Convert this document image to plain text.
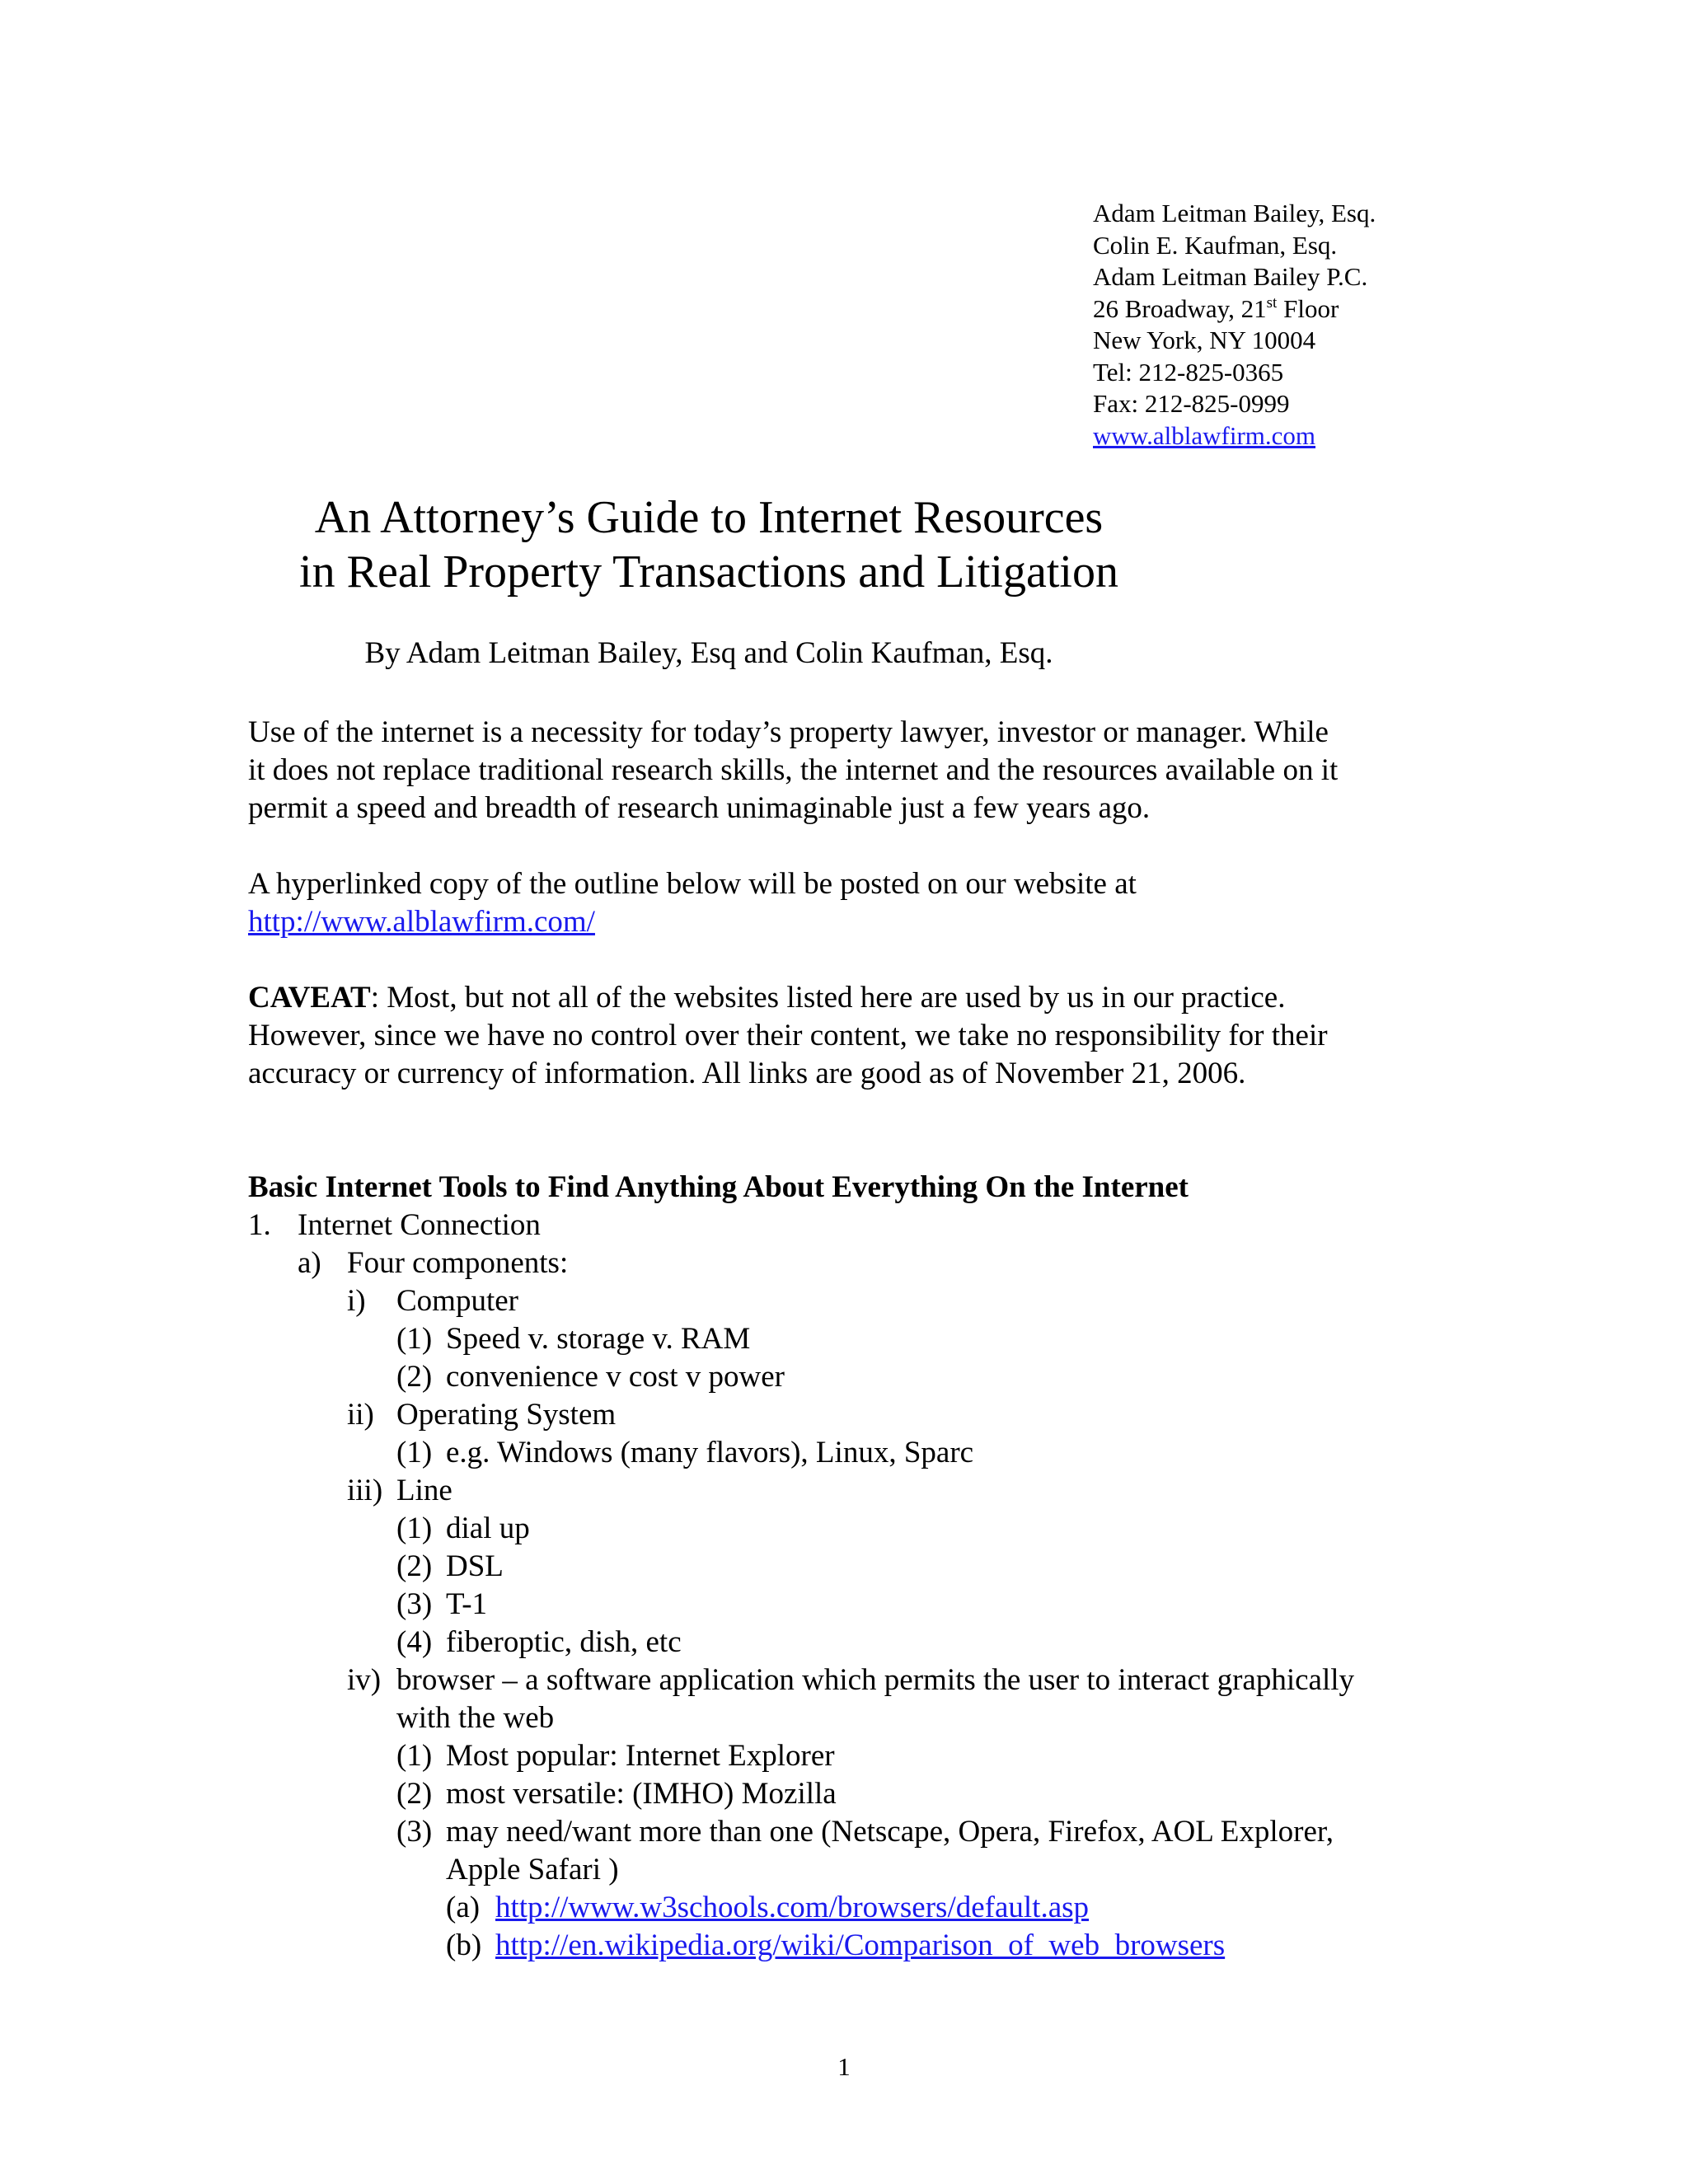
Adam Leitman Bailey, Esq.
Colin E. Kaufman, Esq.
Adam Leitman Bailey P.C.
26 Broadway, 21st Floor
New York, NY 10004
Tel: 212-825-0365
Fax: 212-825-0999
www.alblawfirm.com
An Attorney’s Guide to Internet Resources
in Real Property Transactions and Litigation
By Adam Leitman Bailey, Esq and Colin Kaufman, Esq.
Use of the internet is a necessity for today’s property lawyer, investor or manager. While
it does not replace traditional research skills, the internet and the resources available on it
permit a speed and breadth of research unimaginable just a few years ago.
A hyperlinked copy of the outline below will be posted on our website at
http://www.alblawfirm.com/
CAVEAT: Most, but not all of the websites listed here are used by us in our practice.
However, since we have no control over their content, we take no responsibility for their
accuracy or currency of information. All links are good as of November 21, 2006.
Basic Internet Tools to Find Anything About Everything On the Internet
1. Internet Connection
a) Four components:
i) Computer
(1) Speed v. storage v. RAM
(2) convenience v cost v power
ii) Operating System
(1) e.g. Windows (many flavors), Linux, Sparc
iii) Line
(1) dial up
(2) DSL
(3) T-1
(4) fiberoptic, dish, etc
iv) browser – a software application which permits the user to interact graphically
with the web
(1) Most popular: Internet Explorer
(2) most versatile: (IMHO) Mozilla
(3) may need/want more than one (Netscape, Opera, Firefox, AOL Explorer,
Apple Safari )
(a) http://www.w3schools.com/browsers/default.asp
(b) http://en.wikipedia.org/wiki/Comparison_of_web_browsers
1
